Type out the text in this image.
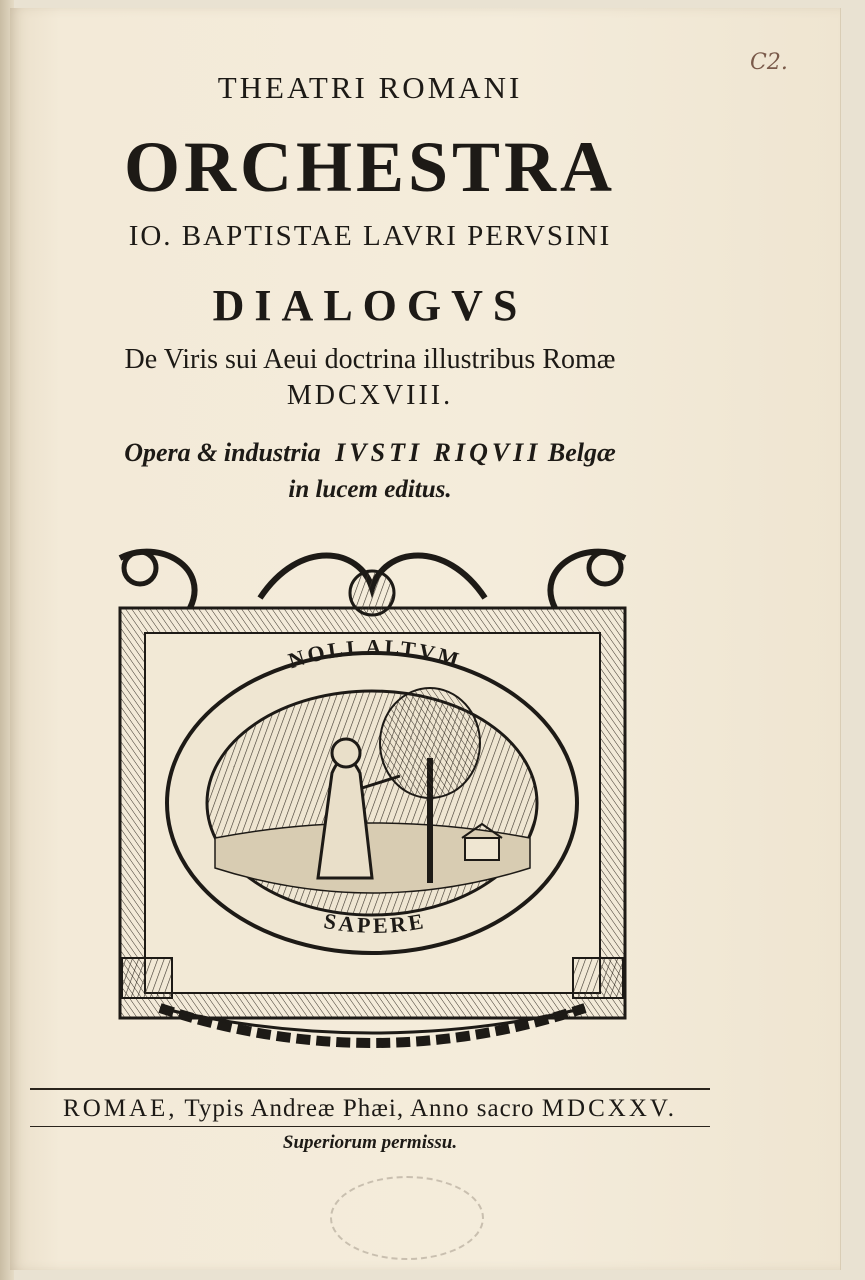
C2.
THEATRI ROMANI
ORCHESTRA
IO. BAPTISTAE LAVRI PERVSINI
DIALOGVS
De Viris sui Aeui doctrina illustribus Romæ
MDCXVIII.
Opera & industria IVSTI RIQVII Belgæ
in lucem editus.
NOLI ALTVM
SAPERE
ROMAE, Typis Andreæ Phæi, Anno sacro MDCXXV.
Superiorum permissu.
